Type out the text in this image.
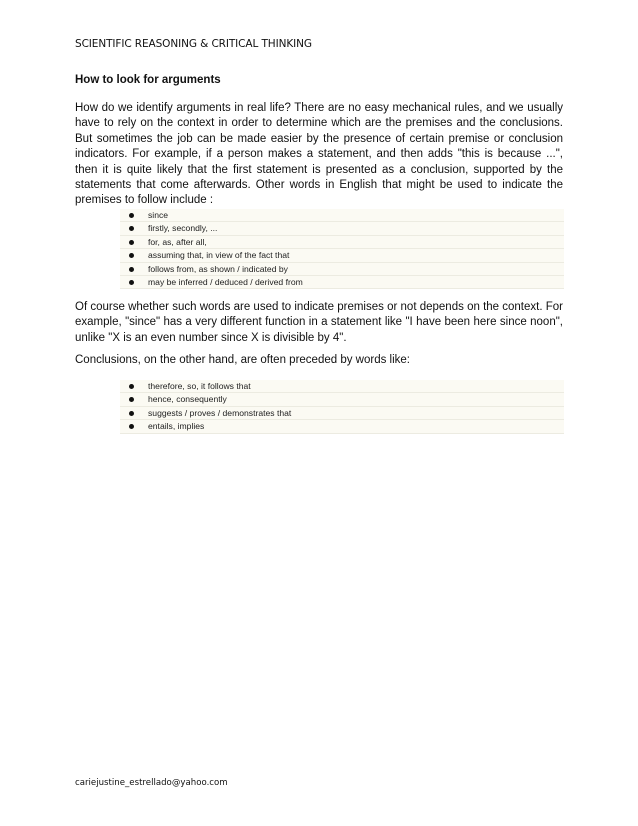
SCIENTIFIC REASONING & CRITICAL THINKING
How to look for arguments

How do we identify arguments in real life? There are no easy mechanical rules, and we usually have to rely on the context in order to determine which are the premises and the conclusions. But sometimes the job can be made easier by the presence of certain premise or conclusion indicators. For example, if a person makes a statement, and then adds "this is because ...", then it is quite likely that the first statement is presented as a conclusion, supported by the statements that come afterwards. Other words in English that might be used to indicate the premises to follow include :

since
firstly, secondly, ...
for, as, after all,
assuming that, in view of the fact that
follows from, as shown / indicated by
may be inferred / deduced / derived from

Of course whether such words are used to indicate premises or not depends on the context. For example, "since" has a very different function in a statement like "I have been here since noon", unlike "X is an even number since X is divisible by 4".

Conclusions, on the other hand, are often preceded by words like:

therefore, so, it follows that
hence, consequently
suggests / proves / demonstrates that
entails, implies
cariejustine_estrellado@yahoo.com
